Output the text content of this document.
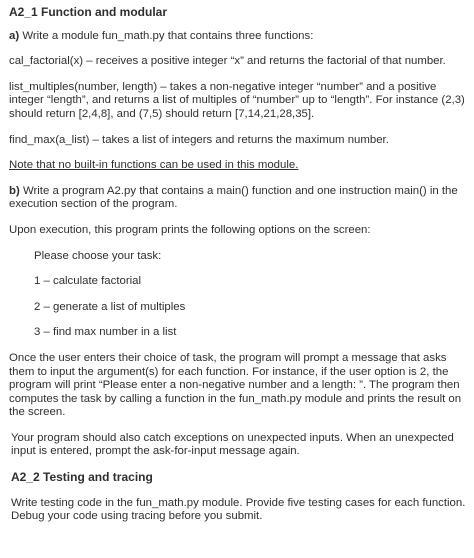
A2_1 Function and modular
a) Write a module fun_math.py that contains three functions:
cal_factorial(x) – receives a positive integer “x” and returns the factorial of that number.
list_multiples(number, length) – takes a non-negative integer “number” and a positive integer “length”, and returns a list of multiples of “number” up to “length”. For instance (2,3) should return [2,4,8], and (7,5) should return [7,14,21,28,35].
find_max(a_list) – takes a list of integers and returns the maximum number.
Note that no built-in functions can be used in this module.
b) Write a program A2.py that contains a main() function and one instruction main() in the execution section of the program.
Upon execution, this program prints the following options on the screen:
Please choose your task:
1 – calculate factorial
2 – generate a list of multiples
3 – find max number in a list
Once the user enters their choice of task, the program will prompt a message that asks them to input the argument(s) for each function. For instance, if the user option is 2, the program will print “Please enter a non-negative number and a length: ”. The program then computes the task by calling a function in the fun_math.py module and prints the result on the screen.
Your program should also catch exceptions on unexpected inputs. When an unexpected input is entered, prompt the ask-for-input message again.
A2_2 Testing and tracing
Write testing code in the fun_math.py module. Provide five testing cases for each function. Debug your code using tracing before you submit.
